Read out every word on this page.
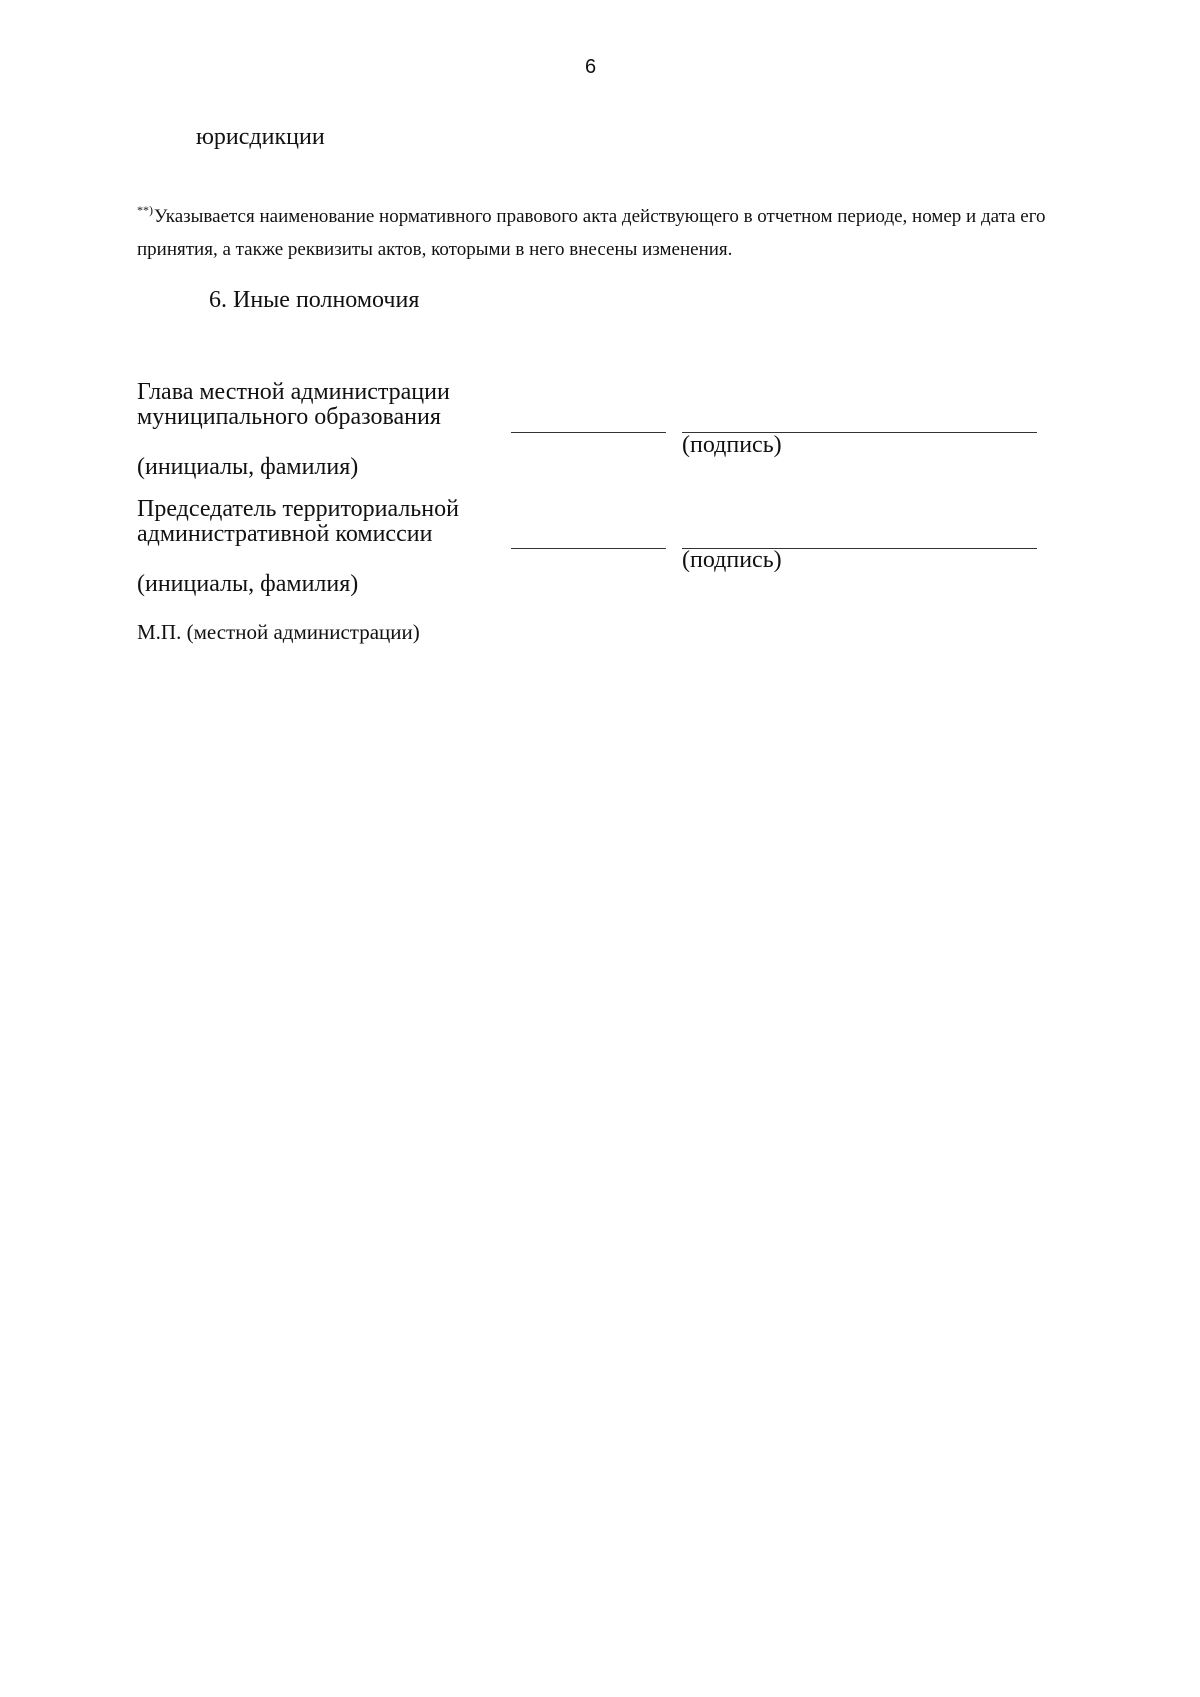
6
юрисдикции
**)Указывается наименование нормативного правового акта действующего в отчетном периоде, номер и дата его принятия, а также реквизиты актов, которыми в него внесены изменения.
6. Иные полномочия
Глава местной администрации
муниципального образования
(подпись)
(инициалы, фамилия)
Председатель территориальной
административной комиссии
(подпись)
(инициалы, фамилия)
М.П. (местной администрации)
